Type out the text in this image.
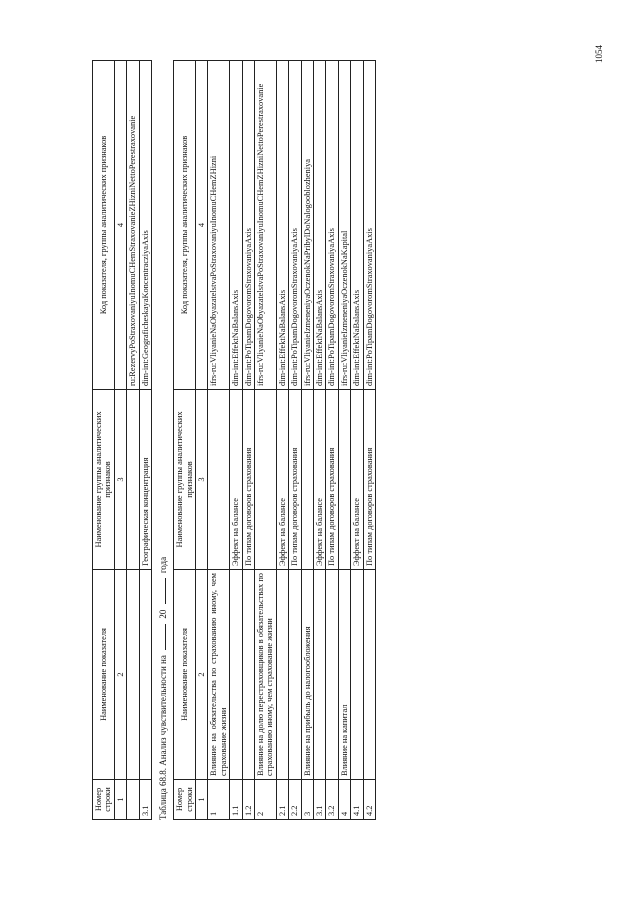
1054
Номер строки	Наименование показателя	Наименование группы аналитических признаков	Код показателя, группы аналитических признаков
1	2	3	4
			ru:RezervyPoStraxovaniyuInomuCHemStraxovanieZHizniNettoPerestraxovanie
3.1		Географическая концентрация	dim-int:GeograficheskayaKoncentracziyaAxis
Таблица 68.8. Анализ чувствительности на  20  года
Номер строки	Наименование показателя	Наименование группы аналитических признаков	Код показателя, группы аналитических признаков
1	2	3	4
1	Влияние на обязательства по страхованию иному, чем страхование жизни		ifrs-ru:VliyanieNaObyazatelstvaPoStraxovaniyuInomuCHemZHizni
1.1		Эффект на балансе	dim-int:EffektNaBalansAxis
1.2		По типам договоров страхования	dim-int:PoTipamDogovoromStraxovaniyaAxis
2	Влияние на долю перестраховщиков в обязательствах по страхованию иному, чем страхование жизни		ifrs-ru:VliyanieNaObyazatelstvaPoStraxovaniyuInomuCHemZHizniNettoPerestraxovanie
2.1		Эффект на балансе	dim-int:EffektNaBalansAxis
2.2		По типам договоров страхования	dim-int:PoTipamDogovoromStraxovaniyaAxis
3	Влияние на прибыль до налогообложения		ifrs-ru:VliyanieIzmeneniyaOczenokNaPribylDoNalogooblozheniya
3.1		Эффект на балансе	dim-int:EffektNaBalansAxis
3.2		По типам договоров страхования	dim-int:PoTipamDogovoromStraxovaniyaAxis
4	Влияние на капитал		ifrs-ru:VliyanieIzmeneniyaOczenokNaKapital
4.1		Эффект на балансе	dim-int:EffektNaBalansAxis
4.2		По типам договоров страхования	dim-int:PoTipamDogovoromStraxovaniyaAxis
